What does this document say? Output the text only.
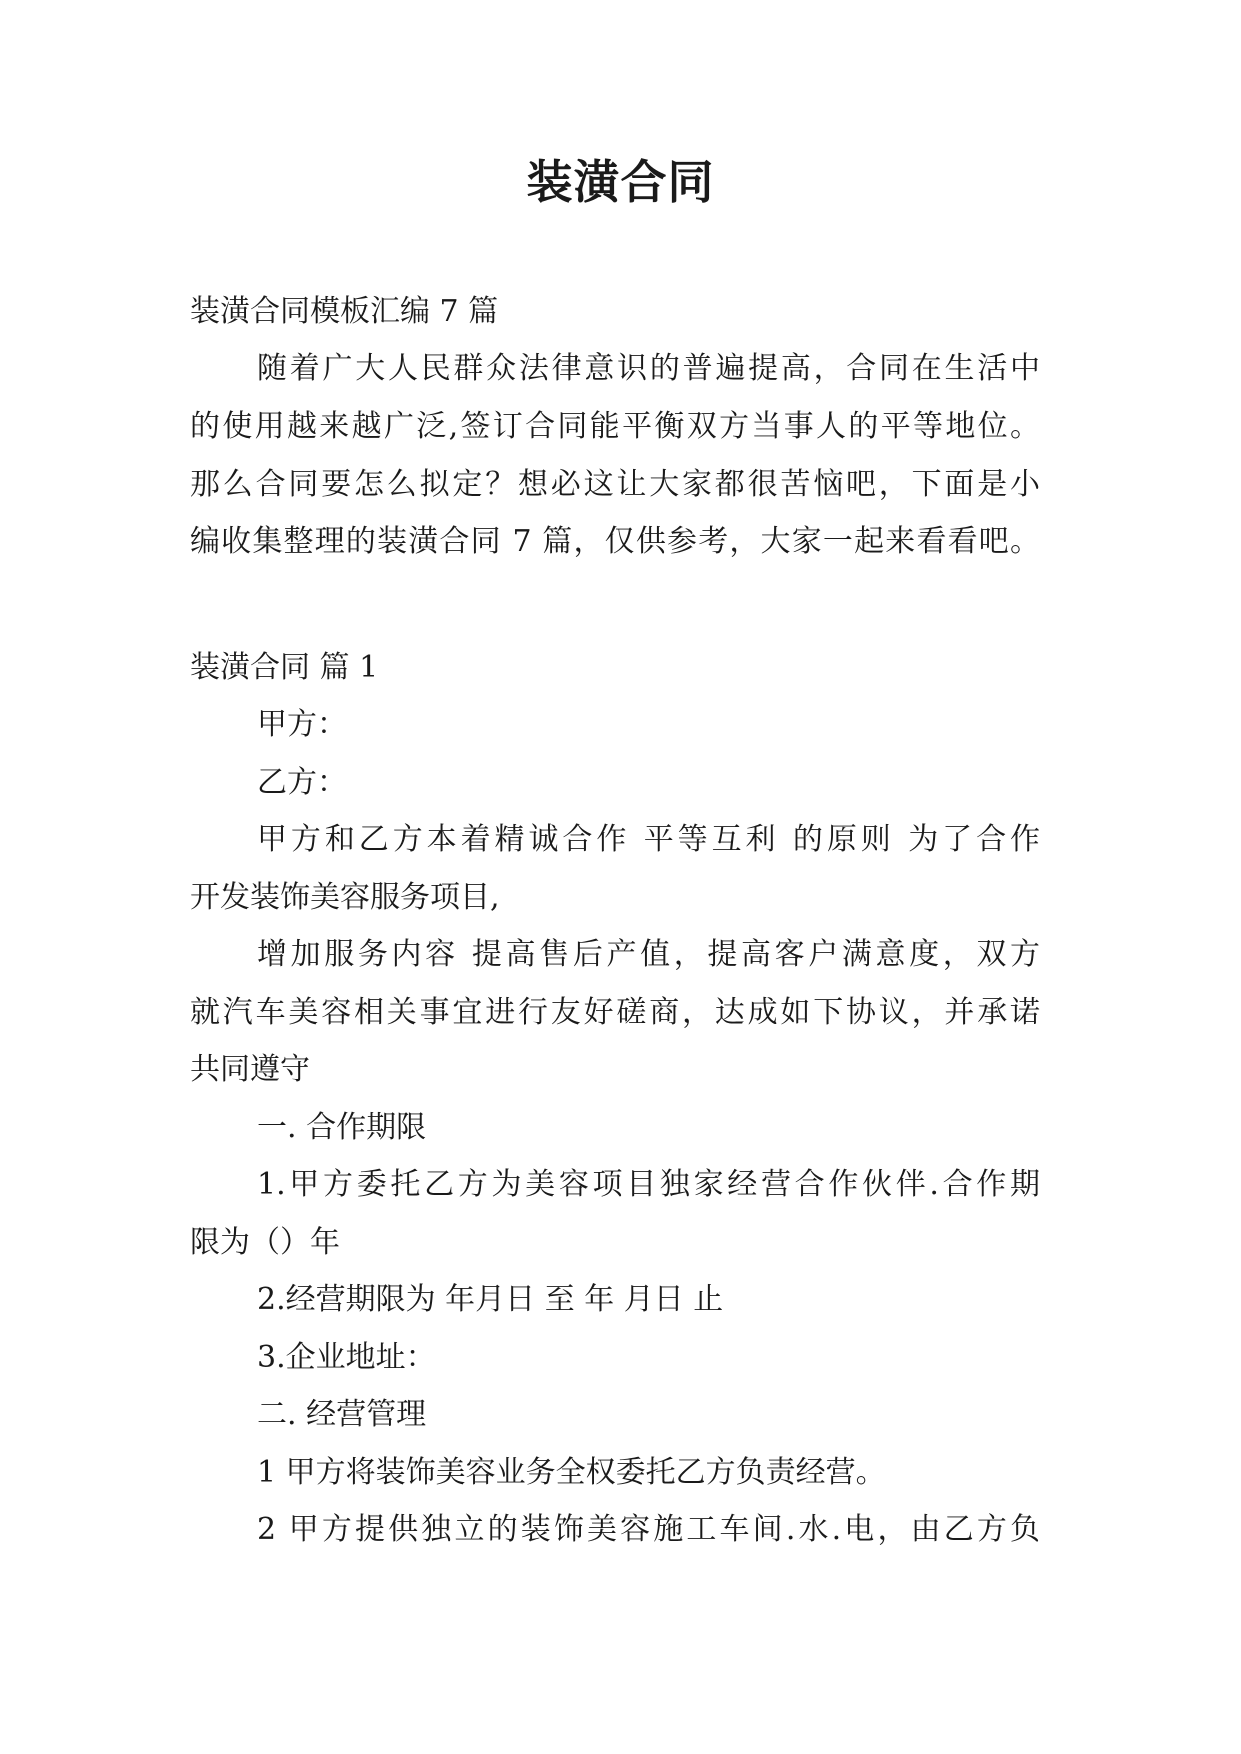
装潢合同
装潢合同模板汇编 7 篇
随着广大人民群众法律意识的普遍提高，合同在生活中
的使用越来越广泛,签订合同能平衡双方当事人的平等地位。
那么合同要怎么拟定？想必这让大家都很苦恼吧，下面是小
编收集整理的装潢合同 7 篇，仅供参考，大家一起来看看吧。
装潢合同 篇 1
甲方：
乙方：
甲方和乙方本着精诚合作 平等互利 的原则 为了合作
开发装饰美容服务项目,
增加服务内容 提高售后产值，提高客户满意度，双方
就汽车美容相关事宜进行友好磋商，达成如下协议，并承诺
共同遵守
一. 合作期限
1.甲方委托乙方为美容项目独家经营合作伙伴.合作期
限为（）年
2.经营期限为 年月日 至 年 月日 止
3.企业地址：
二. 经营管理
1 甲方将装饰美容业务全权委托乙方负责经营。
2 甲方提供独立的装饰美容施工车间.水.电，由乙方负
